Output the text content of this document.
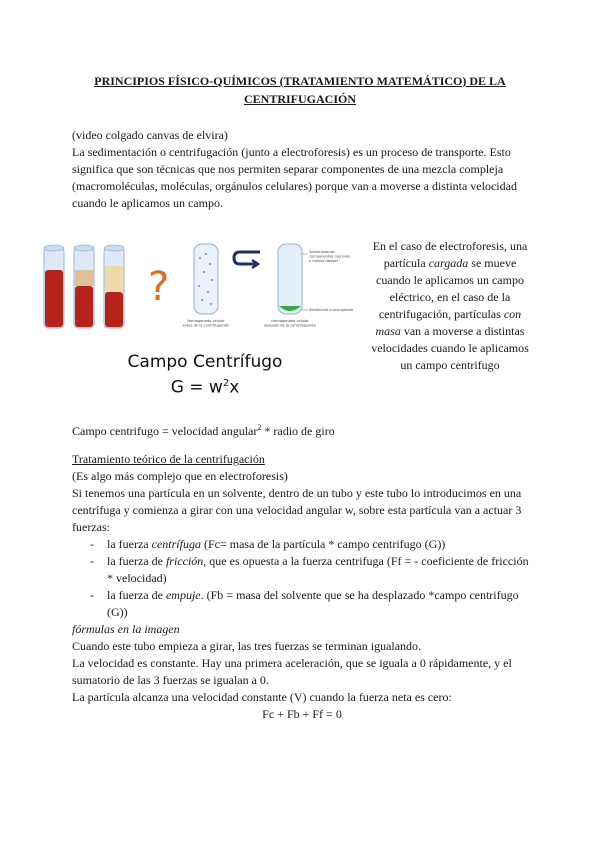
PRINCIPIOS FÍSICO-QUÍMICOS (TRATAMIENTO MATEMÁTICO) DE LA CENTRIFUGACIÓN

(video colgado canvas de elvira)

La sedimentación o centrifugación (junto a electroforesis) es un proceso de transporte. Esto significa que son técnicas que nos permiten separar componentes de una mezcla compleja (macromoléculas, moléculas, orgánulos celulares) porque van a moverse a distinta velocidad cuando le aplicamos un campo.

?
Homogenado celular antes de la centrifugación
Homogenado celular después de la centrifugación
Sobrenadante: componentes menores y menos densos
Sedimento o precipitado
Campo Centrífugo
$G = w^2x$
En el caso de electroforesis, una partícula cargada se mueve cuando le aplicamos un campo eléctrico, en el caso de la centrifugación, partículas con masa van a moverse a distintas velocidades cuando le aplicamos un campo centrifugo
Campo centrifugo = velocidad angular$^2$ * radio de giro

Tratamiento teórico de la centrifugación

(Es algo más complejo que en electroforesis)

Si tenemos una partícula en un solvente, dentro de un tubo y este tubo lo introducimos en una centrífuga y comienza a girar con una velocidad angular w, sobre esta partícula van a actuar 3 fuerzas:

- la fuerza centrífuga (Fc= masa de la partícula * campo centrifugo (G))
- la fuerza de fricción, que es opuesta a la fuerza centrifuga (Ff = - coeficiente de fricción * velocidad)
- la fuerza de empuje. (Fb = masa del solvente que se ha desplazado *campo centrifugo (G))

fórmulas en la imagen

Cuando este tubo empieza a girar, las tres fuerzas se terminan igualando.

La velocidad es constante. Hay una primera aceleración, que se iguala a 0 rápidamente, y el sumatorio de las 3 fuerzas se igualan a 0.

La partícula alcanza una velocidad constante (V) cuando la fuerza neta es cero:

Fc + Fb + Ff = 0
